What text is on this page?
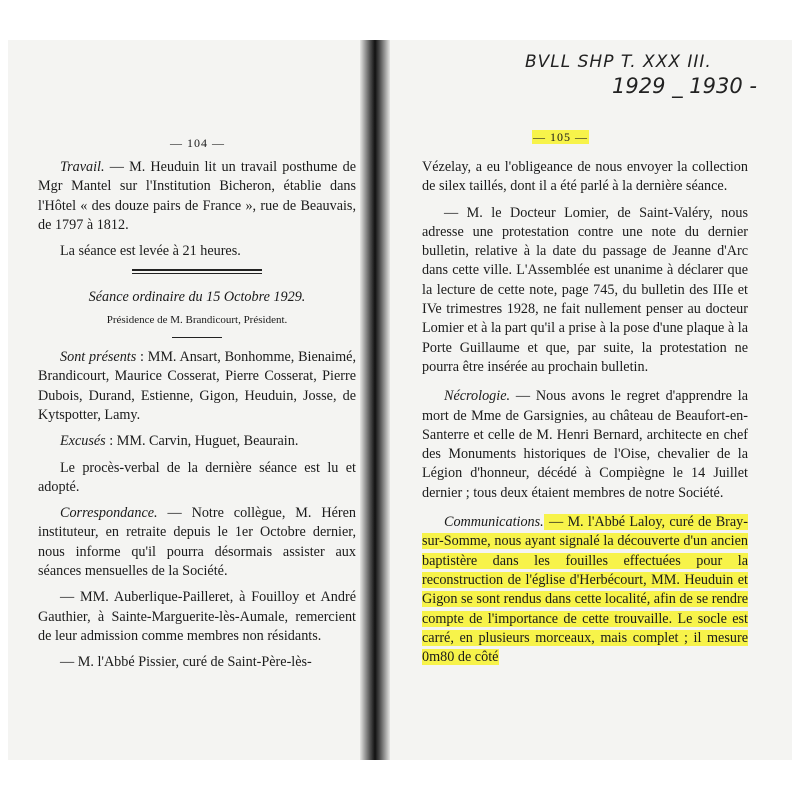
BVLL SHP T. XXX III.
1929 _ 1930 -
— 104 —

Travail. — M. Heuduin lit un travail posthume de Mgr Mantel sur l'Institution Bicheron, établie dans l'Hôtel « des douze pairs de France », rue de Beauvais, de 1797 à 1812.

La séance est levée à 21 heures.

Séance ordinaire du 15 Octobre 1929.

Présidence de M. Brandicourt, Président.

Sont présents : MM. Ansart, Bonhomme, Bienaimé, Brandicourt, Maurice Cosserat, Pierre Cosserat, Pierre Dubois, Durand, Estienne, Gigon, Heuduin, Josse, de Kytspotter, Lamy.

Excusés : MM. Carvin, Huguet, Beaurain.

Le procès-verbal de la dernière séance est lu et adopté.

Correspondance. — Notre collègue, M. Héren instituteur, en retraite depuis le 1er Octobre dernier, nous informe qu'il pourra désormais assister aux séances mensuelles de la Société.

— MM. Auberlique-Pailleret, à Fouilloy et André Gauthier, à Sainte-Marguerite-lès-Aumale, remercient de leur admission comme membres non résidants.

— M. l'Abbé Pissier, curé de Saint-Père-lès-

— 105 —

Vézelay, a eu l'obligeance de nous envoyer la collection de silex taillés, dont il a été parlé à la dernière séance.

— M. le Docteur Lomier, de Saint-Valéry, nous adresse une protestation contre une note du dernier bulletin, relative à la date du passage de Jeanne d'Arc dans cette ville. L'Assemblée est unanime à déclarer que la lecture de cette note, page 745, du bulletin des IIIe et IVe trimestres 1928, ne fait nullement penser au docteur Lomier et à la part qu'il a prise à la pose d'une plaque à la Porte Guillaume et que, par suite, la protestation ne pourra être insérée au prochain bulletin.

Nécrologie. — Nous avons le regret d'apprendre la mort de Mme de Garsignies, au château de Beaufort-en-Santerre et celle de M. Henri Bernard, architecte en chef des Monuments historiques de l'Oise, chevalier de la Légion d'honneur, décédé à Compiègne le 14 Juillet dernier ; tous deux étaient membres de notre Société.

Communications. — M. l'Abbé Laloy, curé de Bray-sur-Somme, nous ayant signalé la découverte d'un ancien baptistère dans les fouilles effectuées pour la reconstruction de l'église d'Herbécourt, MM. Heuduin et Gigon se sont rendus dans cette localité, afin de se rendre compte de l'importance de cette trouvaille. Le socle est carré, en plusieurs morceaux, mais complet ; il mesure 0m80 de côté
